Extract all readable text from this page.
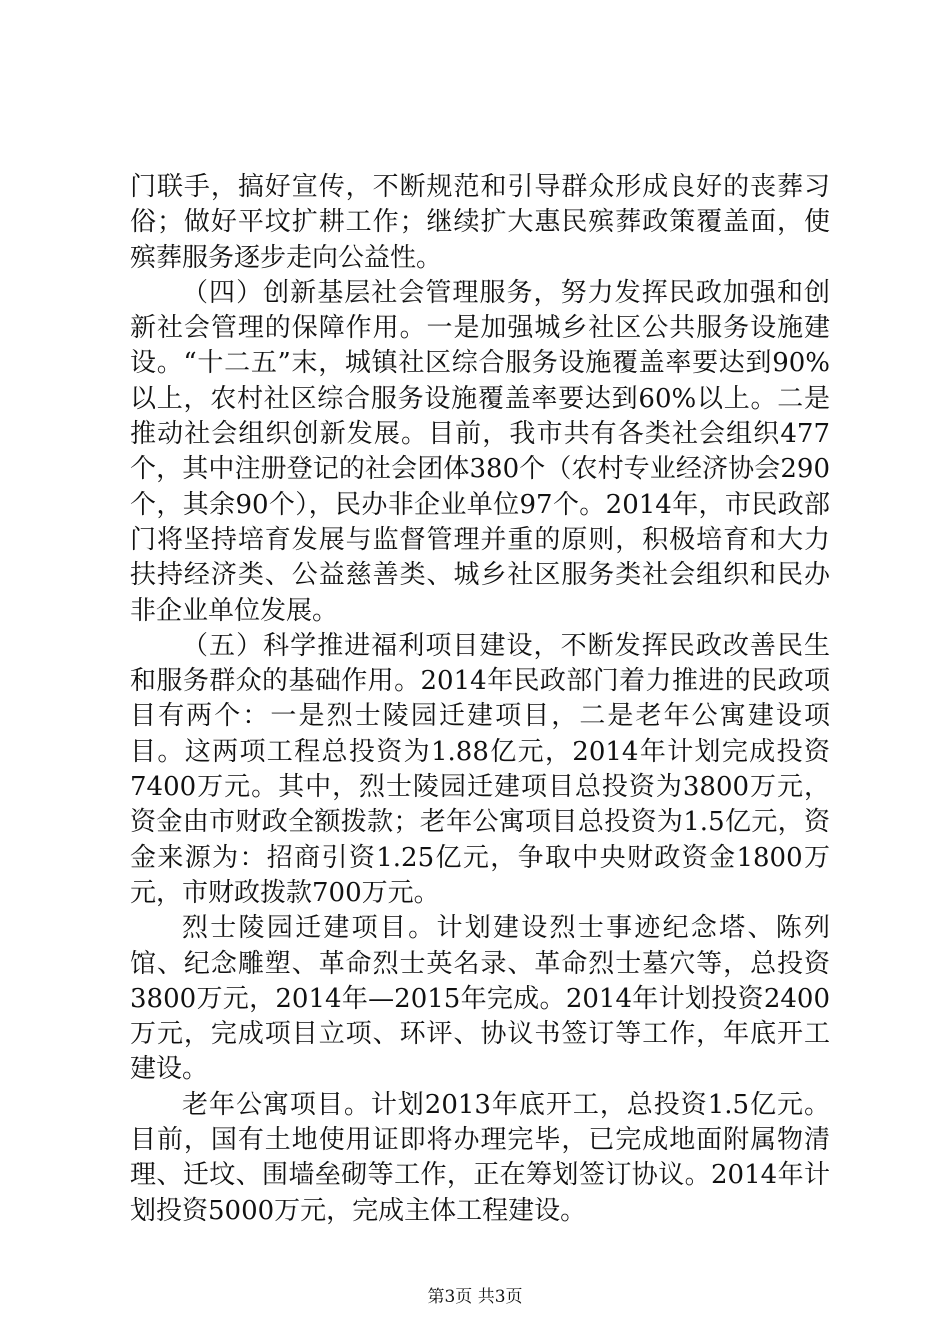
门联手，搞好宣传，不断规范和引导群众形成良好的丧葬习俗；做好平坟扩耕工作；继续扩大惠民殡葬政策覆盖面，使殡葬服务逐步走向公益性。

（四）创新基层社会管理服务，努力发挥民政加强和创新社会管理的保障作用。一是加强城乡社区公共服务设施建设。“十二五”末，城镇社区综合服务设施覆盖率要达到90%以上，农村社区综合服务设施覆盖率要达到60%以上。二是推动社会组织创新发展。目前，我市共有各类社会组织477个，其中注册登记的社会团体380个（农村专业经济协会290个，其余90个），民办非企业单位97个。2014年，市民政部门将坚持培育发展与监督管理并重的原则，积极培育和大力扶持经济类、公益慈善类、城乡社区服务类社会组织和民办非企业单位发展。

（五）科学推进福利项目建设，不断发挥民政改善民生和服务群众的基础作用。2014年民政部门着力推进的民政项目有两个：一是烈士陵园迁建项目，二是老年公寓建设项目。这两项工程总投资为1.88亿元，2014年计划完成投资7400万元。其中，烈士陵园迁建项目总投资为3800万元，资金由市财政全额拨款；老年公寓项目总投资为1.5亿元，资金来源为：招商引资1.25亿元，争取中央财政资金1800万元，市财政拨款700万元。

烈士陵园迁建项目。计划建设烈士事迹纪念塔、陈列馆、纪念雕塑、革命烈士英名录、革命烈士墓穴等，总投资3800万元，2014年—2015年完成。2014年计划投资2400万元，完成项目立项、环评、协议书签订等工作，年底开工建设。

老年公寓项目。计划2013年底开工，总投资1.5亿元。目前，国有土地使用证即将办理完毕，已完成地面附属物清理、迁坟、围墙垒砌等工作，正在筹划签订协议。2014年计划投资5000万元，完成主体工程建设。

第3页 共3页
